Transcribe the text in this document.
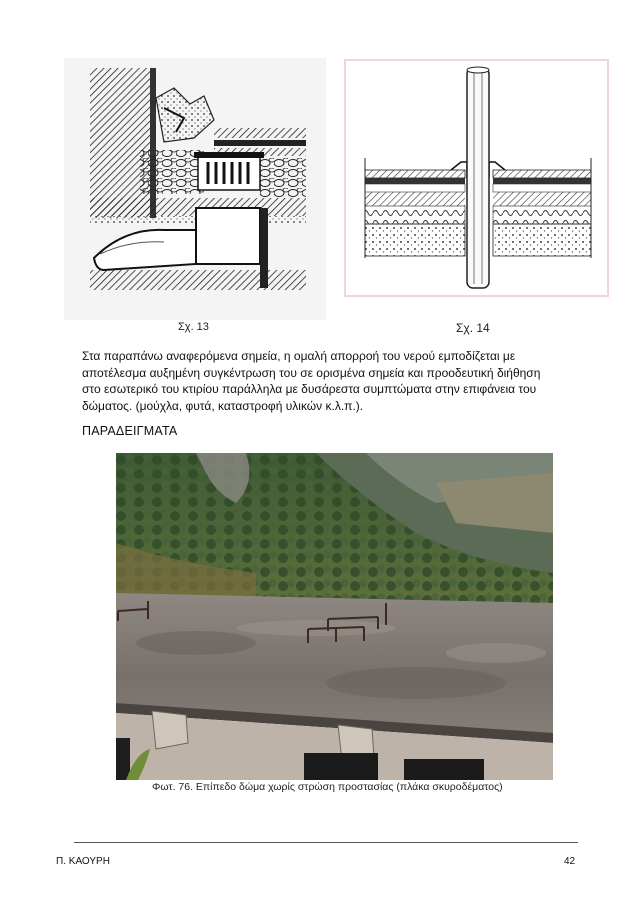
Σχ. 13	Σχ. 14

Στα παραπάνω αναφερόμενα σημεία, η ομαλή απορροή του νερού εμποδίζεται με
αποτέλεσμα αυξημένη συγκέντρωση του σε ορισμένα σημεία και προοδευτική διήθηση
στο εσωτερικό του κτιρίου παράλληλα με δυσάρεστα συμπτώματα στην επιφάνεια του
δώματος. (μούχλα, φυτά, καταστροφή υλικών κ.λ.π.).

ΠΑΡΑΔΕΙΓΜΑΤΑ
Φωτ. 76. Επίπεδο δώμα χωρίς στρώση προστασίας (πλάκα σκυροδέματος)
Π. ΚΑΟΥΡΗ	42
